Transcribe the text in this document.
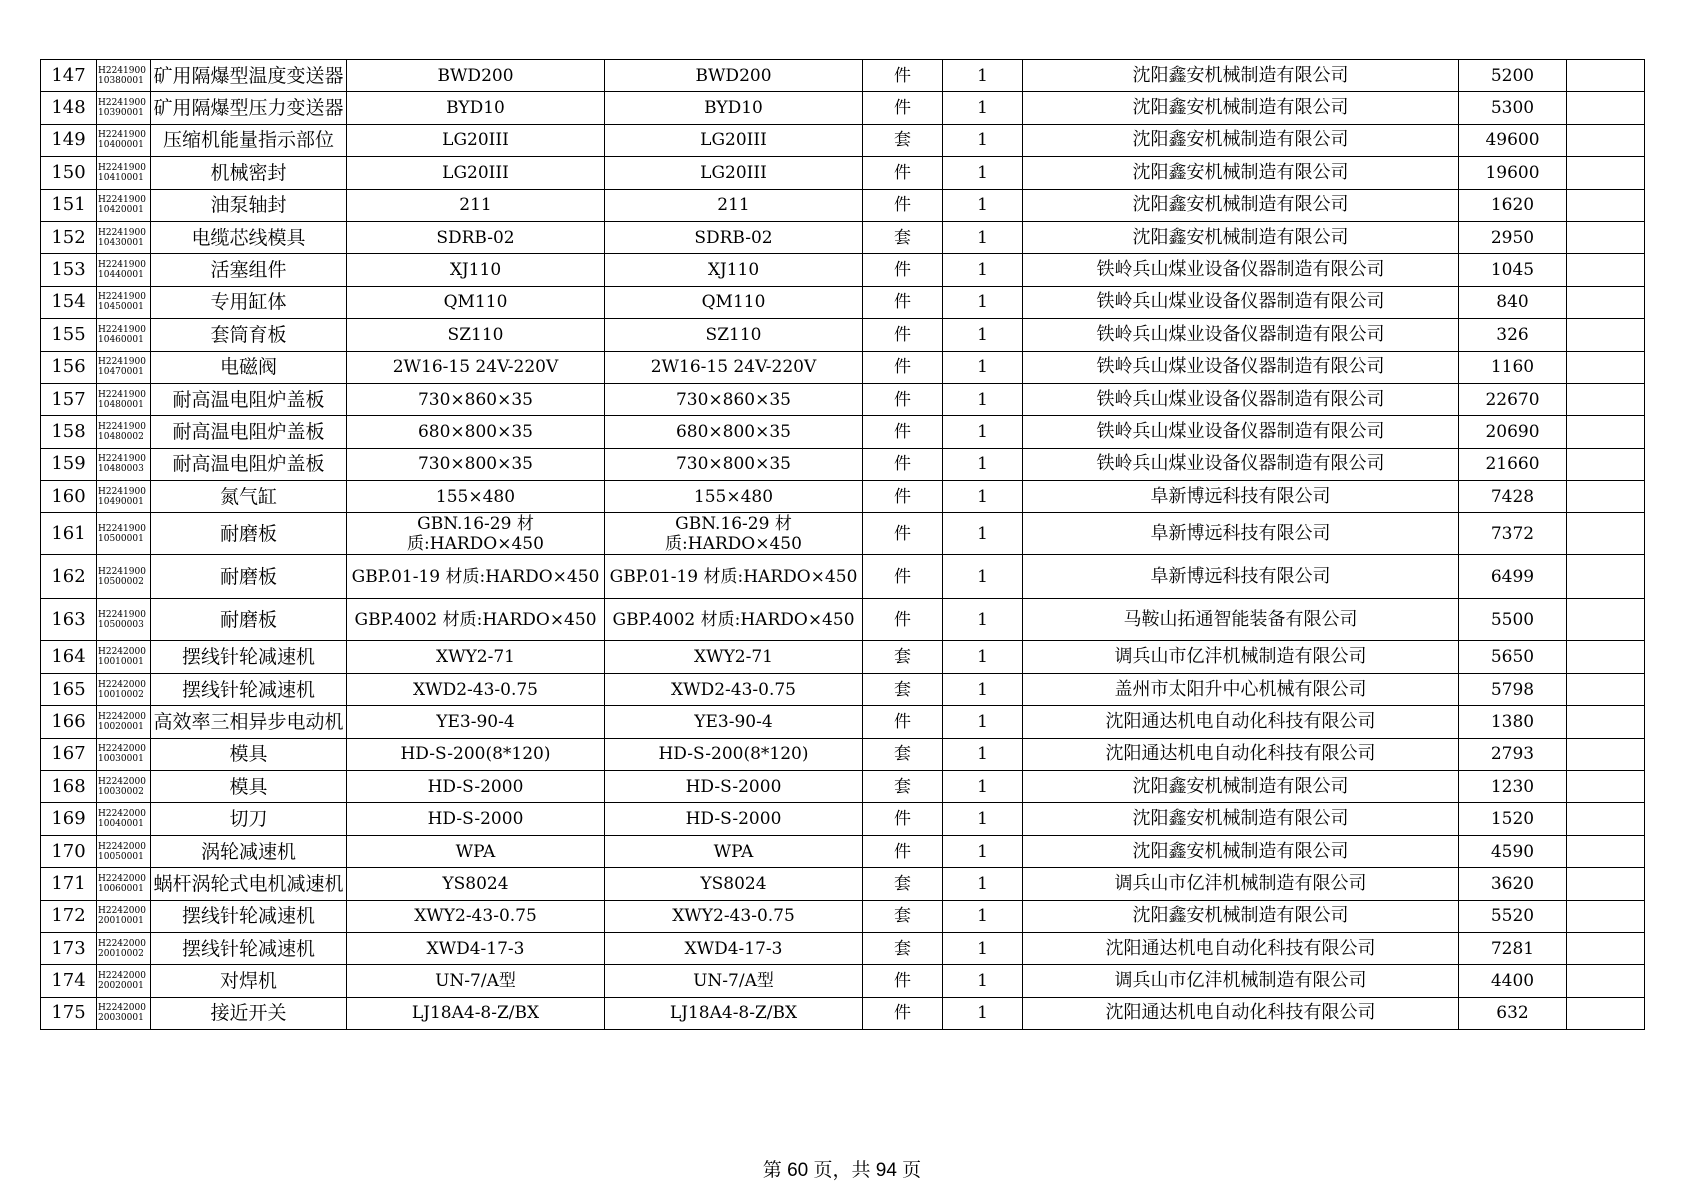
147	H224190010380001	矿用隔爆型温度变送器	BWD200	BWD200	件	1	沈阳鑫安机械制造有限公司	5200	
148	H224190010390001	矿用隔爆型压力变送器	BYD10	BYD10	件	1	沈阳鑫安机械制造有限公司	5300	
149	H224190010400001	压缩机能量指示部位	LG20III	LG20III	套	1	沈阳鑫安机械制造有限公司	49600	
150	H224190010410001	机械密封	LG20III	LG20III	件	1	沈阳鑫安机械制造有限公司	19600	
151	H224190010420001	油泵轴封	211	211	件	1	沈阳鑫安机械制造有限公司	1620	
152	H224190010430001	电缆芯线模具	SDRB-02	SDRB-02	套	1	沈阳鑫安机械制造有限公司	2950	
153	H224190010440001	活塞组件	XJ110	XJ110	件	1	铁岭兵山煤业设备仪器制造有限公司	1045	
154	H224190010450001	专用缸体	QM110	QM110	件	1	铁岭兵山煤业设备仪器制造有限公司	840	
155	H224190010460001	套筒育板	SZ110	SZ110	件	1	铁岭兵山煤业设备仪器制造有限公司	326	
156	H224190010470001	电磁阀	2W16-15 24V-220V	2W16-15 24V-220V	件	1	铁岭兵山煤业设备仪器制造有限公司	1160	
157	H224190010480001	耐高温电阻炉盖板	730×860×35	730×860×35	件	1	铁岭兵山煤业设备仪器制造有限公司	22670	
158	H224190010480002	耐高温电阻炉盖板	680×800×35	680×800×35	件	1	铁岭兵山煤业设备仪器制造有限公司	20690	
159	H224190010480003	耐高温电阻炉盖板	730×800×35	730×800×35	件	1	铁岭兵山煤业设备仪器制造有限公司	21660	
160	H224190010490001	氮气缸	155×480	155×480	件	1	阜新博远科技有限公司	7428	
161	H224190010500001	耐磨板	GBN.16-29 材质:HARDO×450	GBN.16-29 材质:HARDO×450	件	1	阜新博远科技有限公司	7372	
162	H224190010500002	耐磨板	GBP.01-19 材质:HARDO×450	GBP.01-19 材质:HARDO×450	件	1	阜新博远科技有限公司	6499	
163	H224190010500003	耐磨板	GBP.4002 材质:HARDO×450	GBP.4002 材质:HARDO×450	件	1	马鞍山拓通智能装备有限公司	5500	
164	H224200010010001	摆线针轮减速机	XWY2-71	XWY2-71	套	1	调兵山市亿沣机械制造有限公司	5650	
165	H224200010010002	摆线针轮减速机	XWD2-43-0.75	XWD2-43-0.75	套	1	盖州市太阳升中心机械有限公司	5798	
166	H224200010020001	高效率三相异步电动机	YE3-90-4	YE3-90-4	件	1	沈阳通达机电自动化科技有限公司	1380	
167	H224200010030001	模具	HD-S-200(8*120)	HD-S-200(8*120)	套	1	沈阳通达机电自动化科技有限公司	2793	
168	H224200010030002	模具	HD-S-2000	HD-S-2000	套	1	沈阳鑫安机械制造有限公司	1230	
169	H224200010040001	切刀	HD-S-2000	HD-S-2000	件	1	沈阳鑫安机械制造有限公司	1520	
170	H224200010050001	涡轮减速机	WPA	WPA	件	1	沈阳鑫安机械制造有限公司	4590	
171	H224200010060001	蜗杆涡轮式电机减速机	YS8024	YS8024	套	1	调兵山市亿沣机械制造有限公司	3620	
172	H224200020010001	摆线针轮减速机	XWY2-43-0.75	XWY2-43-0.75	套	1	沈阳鑫安机械制造有限公司	5520	
173	H224200020010002	摆线针轮减速机	XWD4-17-3	XWD4-17-3	套	1	沈阳通达机电自动化科技有限公司	7281	
174	H224200020020001	对焊机	UN-7/A型	UN-7/A型	件	1	调兵山市亿沣机械制造有限公司	4400	
175	H224200020030001	接近开关	LJ18A4-8-Z/BX	LJ18A4-8-Z/BX	件	1	沈阳通达机电自动化科技有限公司	632	
第 60 页，共 94 页
